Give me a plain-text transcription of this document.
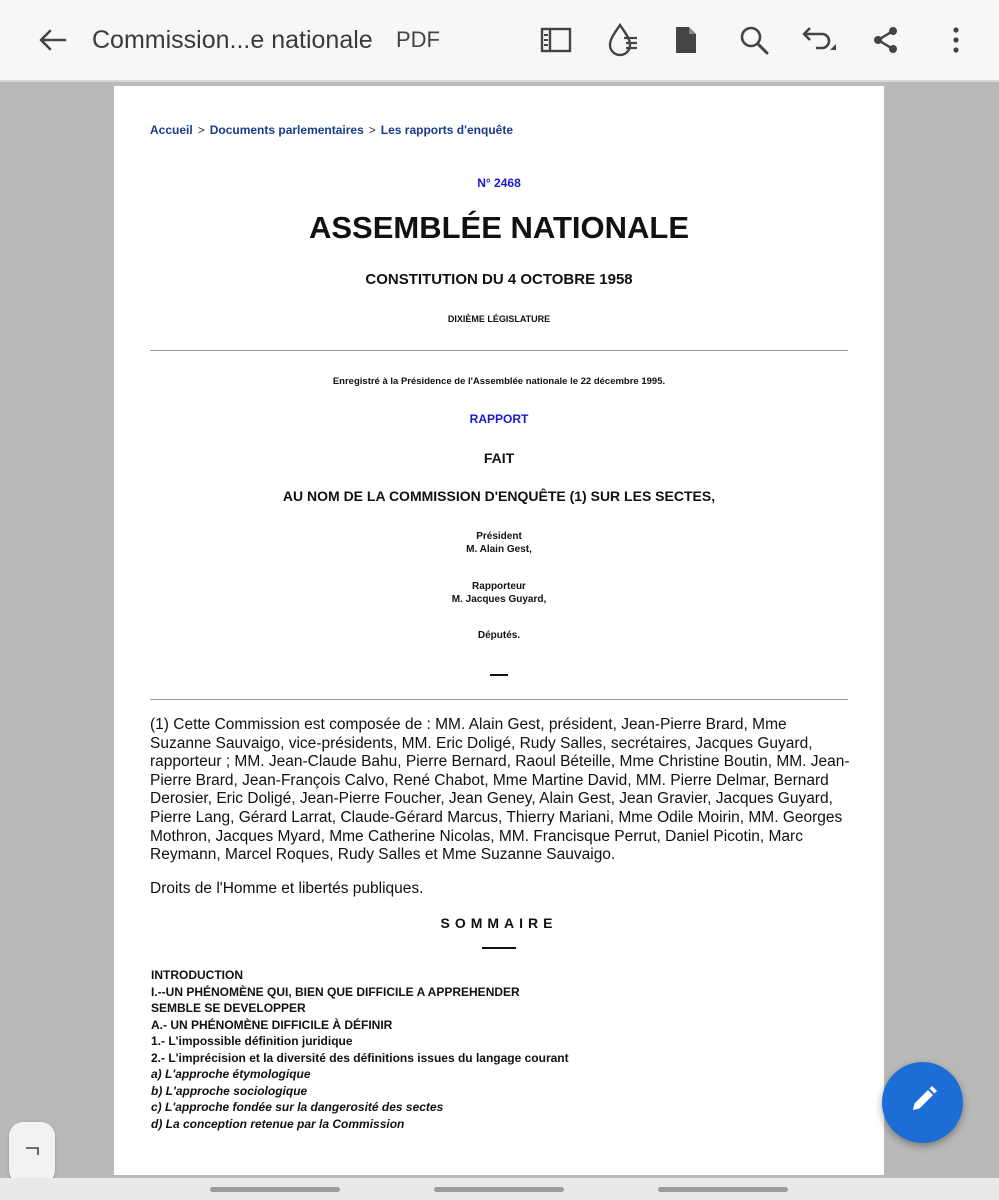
Commission...e nationale PDF
Accueil > Documents parlementaires > Les rapports d'enquête
N° 2468
ASSEMBLÉE NATIONALE
CONSTITUTION DU 4 OCTOBRE 1958
DIXIÈME LÉGISLATURE
Enregistré à la Présidence de l'Assemblée nationale le 22 décembre 1995.
RAPPORT
FAIT
AU NOM DE LA COMMISSION D'ENQUÊTE (1) SUR LES SECTES,
Président
M. Alain Gest,
Rapporteur
M. Jacques Guyard,
Députés.
(1) Cette Commission est composée de : MM. Alain Gest, président, Jean-Pierre Brard, Mme Suzanne Sauvaigo, vice-présidents, MM. Eric Doligé, Rudy Salles, secrétaires, Jacques Guyard, rapporteur ; MM. Jean-Claude Bahu, Pierre Bernard, Raoul Béteille, Mme Christine Boutin, MM. Jean-Pierre Brard, Jean-François Calvo, René Chabot, Mme Martine David, MM. Pierre Delmar, Bernard Derosier, Eric Doligé, Jean-Pierre Foucher, Jean Geney, Alain Gest, Jean Gravier, Jacques Guyard, Pierre Lang, Gérard Larrat, Claude-Gérard Marcus, Thierry Mariani, Mme Odile Moirin, MM. Georges Mothron, Jacques Myard, Mme Catherine Nicolas, MM. Francisque Perrut, Daniel Picotin, Marc Reymann, Marcel Roques, Rudy Salles et Mme Suzanne Sauvaigo.
Droits de l'Homme et libertés publiques.
SOMMAIRE
INTRODUCTION
I.--UN PHÉNOMÈNE QUI, BIEN QUE DIFFICILE A APPREHENDER
SEMBLE SE DEVELOPPER
A.- UN PHÉNOMÈNE DIFFICILE À DÉFINIR
1.- L'impossible définition juridique
2.- L'imprécision et la diversité des définitions issues du langage courant
a) L'approche étymologique
b) L'approche sociologique
c) L'approche fondée sur la dangerosité des sectes
d) La conception retenue par la Commission
